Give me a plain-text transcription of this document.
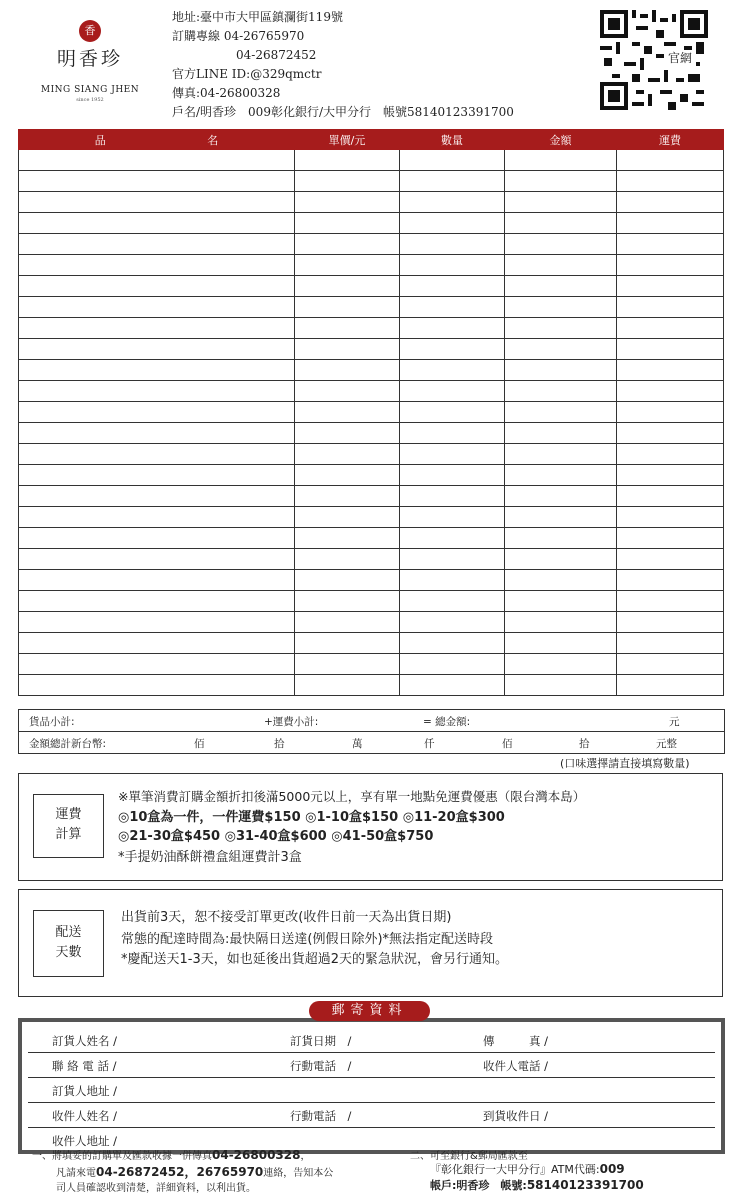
香
明香珍
MING SIANG JHEN
since 1952
地址:臺中市大甲區鎮瀾街119號
訂購專線 04-26765970
04-26872452
官方LINE ID:@329qmctr
傳真:04-26800328
戶名/明香珍　009彰化銀行/大甲分行　帳號58140123391700
官網
品 名	單價/元	數量	金額	運費

貨品小計:	+運費小計:	= 總金額:	元
金額總計新台幣:	佰	拾	萬	仟	佰	拾	元整
(口味選擇請直接填寫數量)
運費
計算
※單筆消費訂購金額折扣後滿5000元以上，享有單一地點免運費優惠（限台灣本島）
◎10盒為一件，一件運費$150 ◎1-10盒$150 ◎11-20盒$300
◎21-30盒$450 ◎31-40盒$600 ◎41-50盒$750
*手提奶油酥餅禮盒組運費計3盒
配送
天數
出貨前3天，恕不接受訂單更改(收件日前一天為出貨日期)
常態的配達時間為:最快隔日送達(例假日除外)*無法指定配送時段
*慶配送天1-3天，如也延後出貨超過2天的緊急狀況，會另行通知。
訂貨人姓名 /	訂貨日期　/	傳　　　真 /
聯 絡 電 話 /	行動電話　/	收件人電話 /
訂貨人地址 /
收件人姓名 /	行動電話　/	到貨收件日 /
收件人地址 /
郵寄資料
一、將填妥的訂購單及匯款收據一併傳真04-26800328，
凡請來電04-26872452，26765970連絡，告知本公
司人員確認收到清楚，詳細資料，以利出貨。
二、可至銀行&郵局匯款至
『彰化銀行一大甲分行』ATM代碼:009
帳戶:明香珍　帳號:58140123391700
